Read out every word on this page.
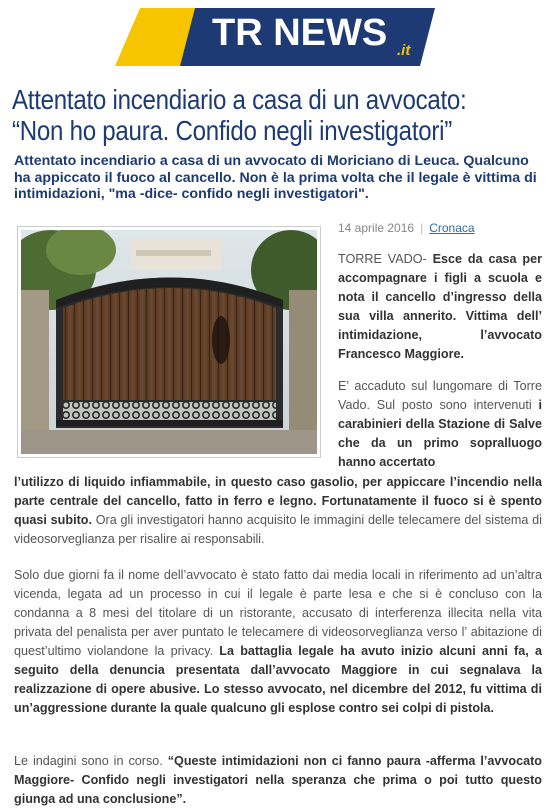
TR NEWS .it
Attentato incendiario a casa di un avvocato:
“Non ho paura. Confido negli investigatori”

Attentato incendiario a casa di un avvocato di Moriciano di Leuca. Qualcuno ha appiccato il fuoco al cancello. Non è la prima volta che il legale è vittima di intimidazioni, "ma -dice- confido negli investigatori".

14 aprile 2016 | Cronaca

TORRE VADO- Esce da casa per accompagnare i figli a scuola e nota il cancello d’ingresso della sua villa annerito. Vittima dell’ intimidazione, l’avvocato Francesco Maggiore.

E’ accaduto sul lungomare di Torre Vado. Sul posto sono intervenuti i carabinieri della Stazione di Salve che da un primo sopralluogo hanno accertato

l’utilizzo di liquido infiammabile, in questo caso gasolio, per appiccare l’incendio nella parte centrale del cancello, fatto in ferro e legno. Fortunatamente il fuoco si è spento quasi subito. Ora gli investigatori hanno acquisito le immagini delle telecamere del sistema di videosorveglianza per risalire ai responsabili.

Solo due giorni fa il nome dell’avvocato è stato fatto dai media locali in riferimento ad un’altra vicenda, legata ad un processo in cui il legale è parte lesa e che si è concluso con la condanna a 8 mesi del titolare di un ristorante, accusato di interferenza illecita nella vita privata del penalista per aver puntato le telecamere di videosorveglianza verso l’ abitazione di quest’ultimo violandone la privacy. La battaglia legale ha avuto inizio alcuni anni fa, a seguito della denuncia presentata dall’avvocato Maggiore in cui segnalava la realizzazione di opere abusive. Lo stesso avvocato, nel dicembre del 2012, fu vittima di un’aggressione durante la quale qualcuno gli esplose contro sei colpi di pistola.

Le indagini sono in corso. “Queste intimidazioni non ci fanno paura -afferma l’avvocato Maggiore- Confido negli investigatori nella speranza che prima o poi tutto questo giunga ad una conclusione”.
